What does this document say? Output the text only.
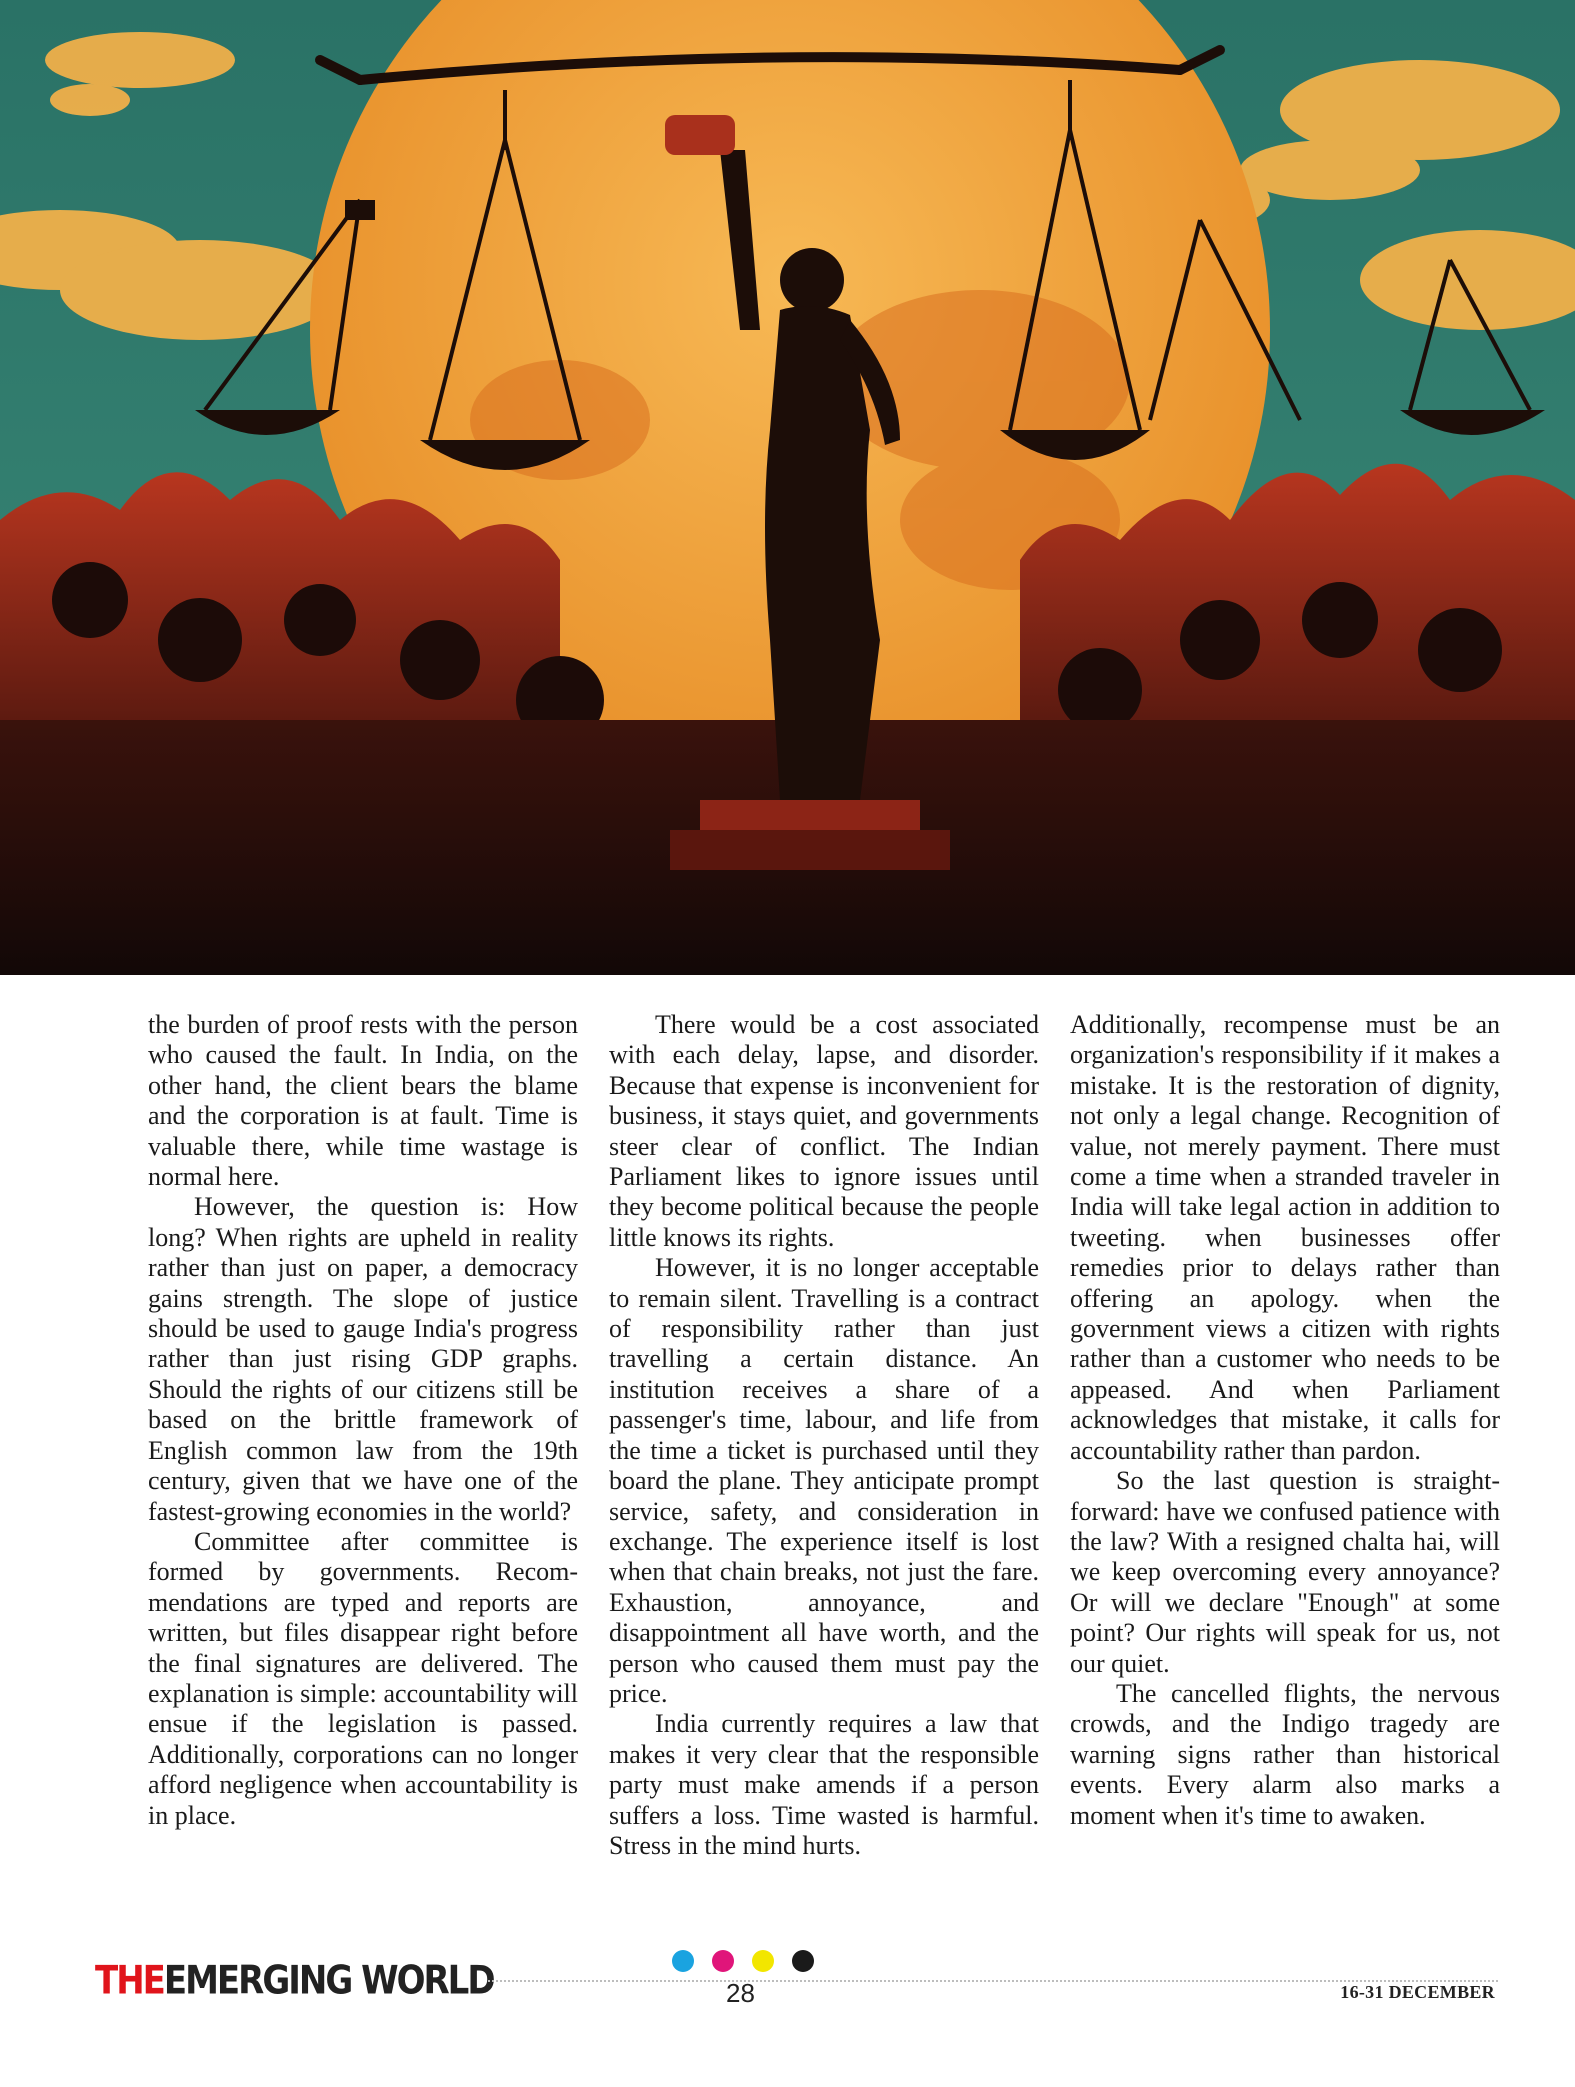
the burden of proof rests with the person who caused the fault. In India, on the other hand, the client bears the blame and the corporation is at fault. Time is valuable there, while time wastage is normal here.

However, the question is: How long? When rights are upheld in reality rather than just on paper, a democracy gains strength. The slope of justice should be used to gauge India's progress rather than just rising GDP graphs. Should the rights of our citizens still be based on the brittle framework of English common law from the 19th century, given that we have one of the fastest-growing economies in the world?

Committee after committee is formed by governments. Recommendations are typed and reports are written, but files disappear right before the final signatures are delivered. The explanation is simple: accountability will ensue if the legislation is passed. Additionally, corporations can no longer afford negligence when accountability is in place.

There would be a cost associated with each delay, lapse, and disorder. Because that expense is inconvenient for business, it stays quiet, and governments steer clear of conflict. The Indian Parliament likes to ignore issues until they become political because the people little knows its rights.

However, it is no longer acceptable to remain silent. Travelling is a contract of responsibility rather than just travelling a certain distance. An institution receives a share of a passenger's time, labour, and life from the time a ticket is purchased until they board the plane. They anticipate prompt service, safety, and consideration in exchange. The experience itself is lost when that chain breaks, not just the fare. Exhaustion, annoyance, and disappointment all have worth, and the person who caused them must pay the price.

India currently requires a law that makes it very clear that the responsible party must make amends if a person suffers a loss. Time wasted is harmful. Stress in the mind hurts.

Additionally, recompense must be an organization's responsibility if it makes a mistake. It is the restoration of dignity, not only a legal change. Recognition of value, not merely payment. There must come a time when a stranded traveler in India will take legal action in addition to tweeting. when businesses offer remedies prior to delays rather than offering an apology. when the government views a citizen with rights rather than a customer who needs to be appeased. And when Parliament acknowledges that mistake, it calls for accountability rather than pardon.

So the last question is straightforward: have we confused patience with the law? With a resigned chalta hai, will we keep overcoming every annoyance? Or will we declare "Enough" at some point? Our rights will speak for us, not our quiet.

The cancelled flights, the nervous crowds, and the Indigo tragedy are warning signs rather than historical events. Every alarm also marks a moment when it's time to awaken.

THEEMERGING WORLD	28	16-31 DECEMBER
